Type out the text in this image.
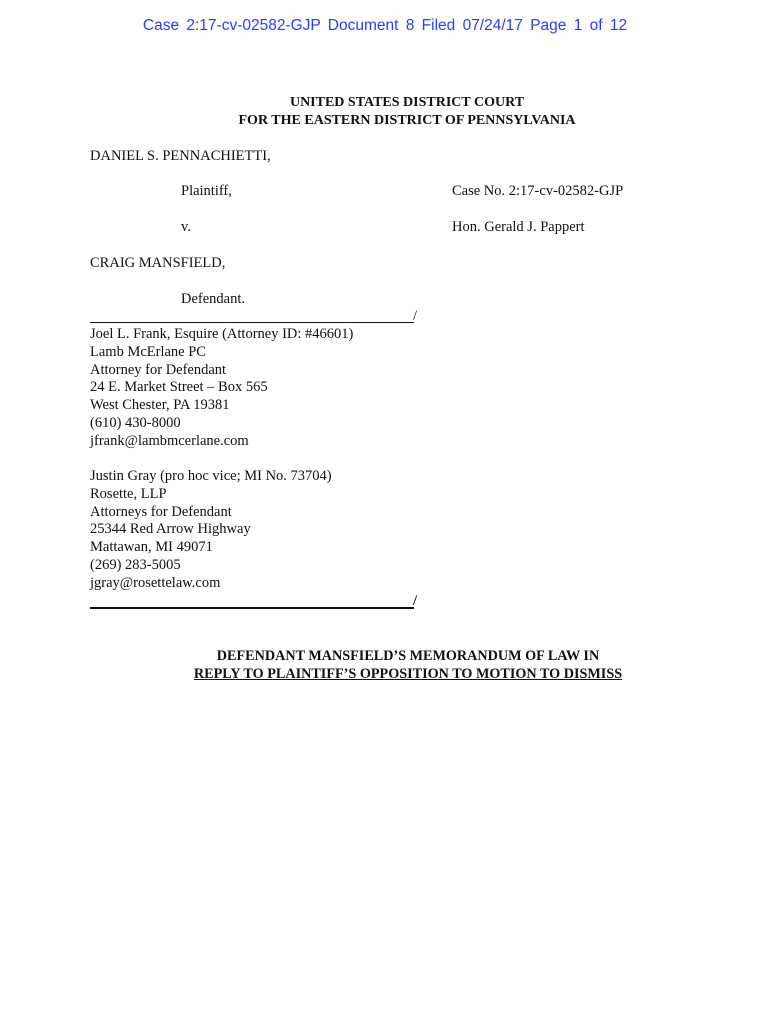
Case 2:17-cv-02582-GJP Document 8 Filed 07/24/17 Page 1 of 12
UNITED STATES DISTRICT COURT
FOR THE EASTERN DISTRICT OF PENNSYLVANIA
DANIEL S. PENNACHIETTI,
Plaintiff,	Case No. 2:17-cv-02582-GJP
v.	Hon. Gerald J. Pappert
CRAIG MANSFIELD,
Defendant.
/
Joel L. Frank, Esquire (Attorney ID: #46601)
Lamb McErlane PC
Attorney for Defendant
24 E. Market Street – Box 565
West Chester, PA 19381
(610) 430-8000
jfrank@lambmcerlane.com
Justin Gray (pro hoc vice; MI No. 73704)
Rosette, LLP
Attorneys for Defendant
25344 Red Arrow Highway
Mattawan, MI 49071
(269) 283-5005
jgray@rosettelaw.com
/
DEFENDANT MANSFIELD’S MEMORANDUM OF LAW IN
REPLY TO PLAINTIFF’S OPPOSITION TO MOTION TO DISMISS
